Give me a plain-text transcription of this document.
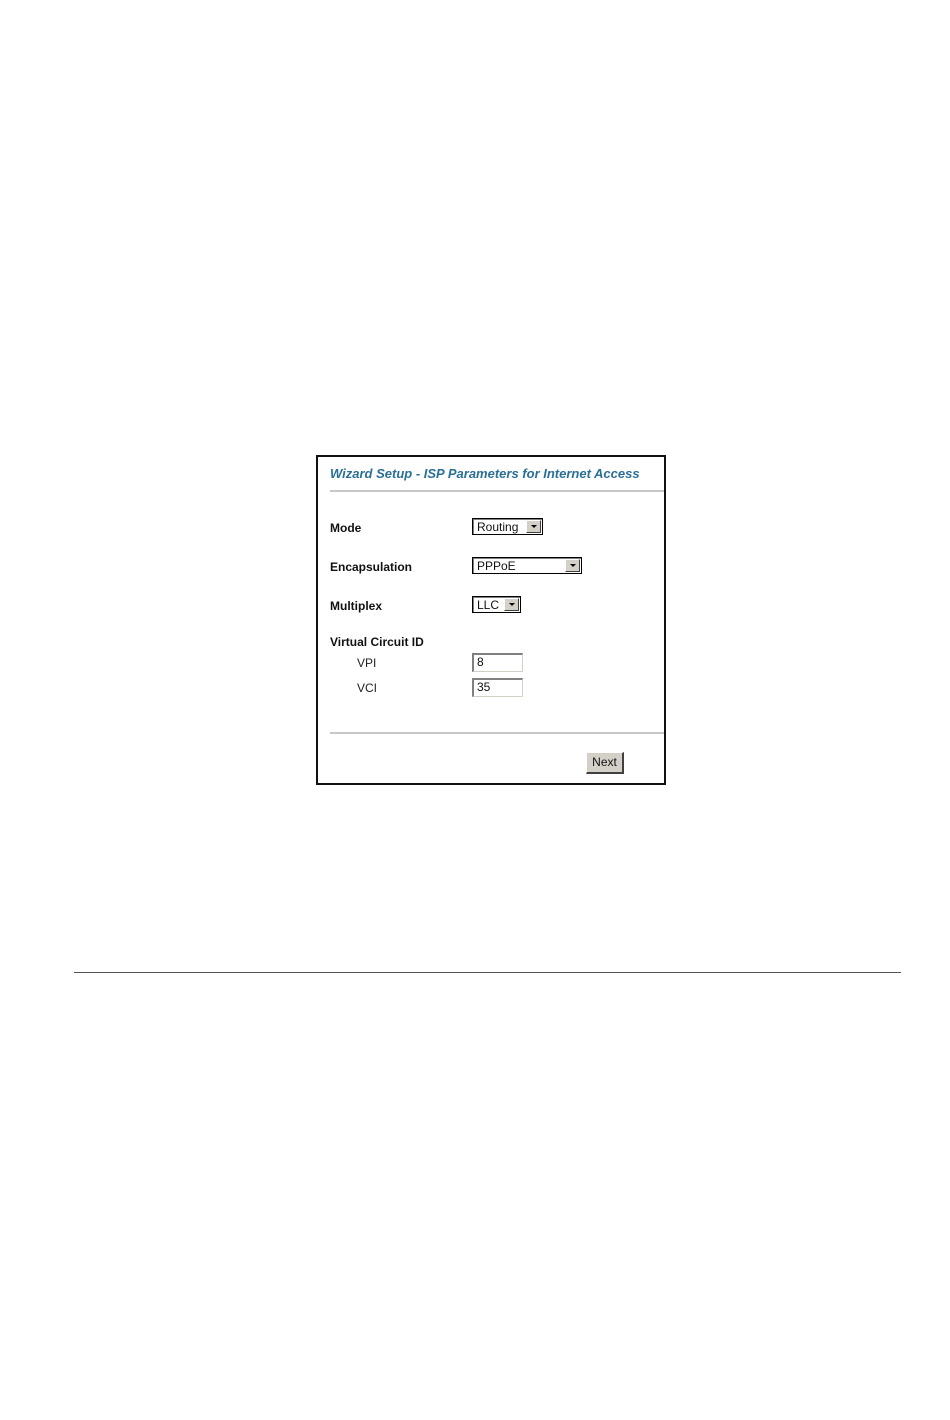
Wizard Setup - ISP Parameters for Internet Access
Mode	Routing
Encapsulation	PPPoE
Multiplex	LLC
Virtual Circuit ID
VPI	8
VCI	35
Next
